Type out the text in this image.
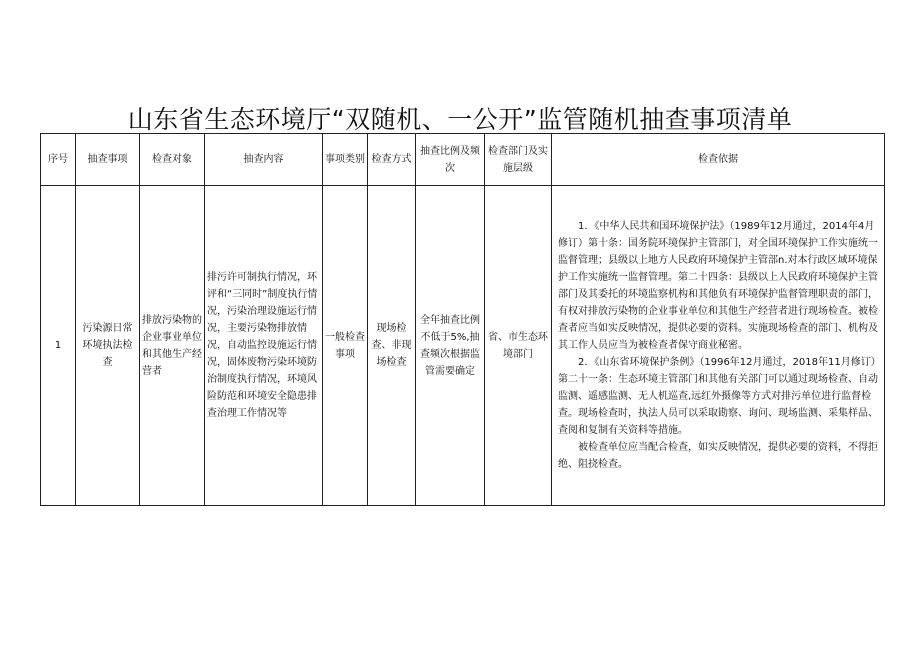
山东省生态环境厅“双随机、一公开”监管随机抽查事项清单
序号	抽查事项	检查对象	抽查内容	事项类别	检查方式	抽查比例及频次	检查部门及实施层级	检查依据
1	污染源日常环境执法检查	排放污染物的企业事业单位和其他生产经营者	排污许可制执行情况，环评和“三同时”制度执行情况，污染治理设施运行情况，主要污染物排放情况，自动监控设施运行情况，固体废物污染环境防治制度执行情况，环境风险防范和环境安全隐患排查治理工作情况等	一般检查事项	现场检查、非现场检查	全年抽查比例不低于5%,抽查频次根据监管需要确定	省、市生态环境部门	1．《中华人民共和国环境保护法》（1989年12月通过，2014年4月修订）第十条：国务院环境保护主管部门，对全国环境保护工作实施统一监督管理；县级以上地方人民政府环境保护主管部n.对本行政区域环境保护工作实施统一监督管理。第二十四条：县级以上人民政府环境保护主管部门及其委托的环境监察机构和其他负有环境保护监督管理职责的部门，有权对排放污染物的企业事业单位和其他生产经营者进行现场检查。被检查者应当如实反映情况，提供必要的资料。实施现场检查的部门、机构及其工作人员应当为被检查者保守商业秘密。
2．《山东省环境保护条例》（1996年12月通过，2018年11月修订）第二十一条：生态环境主管部门和其他有关部门可以通过现场检查、自动监测、遥感监测、无人机巡查,远红外摄像等方式对排污单位进行监督检查。现场检查时，执法人员可以采取勘察、询问、现场监测、采集样品、查阅和复制有关资料等措施。
被检查单位应当配合检查，如实反映情况，提供必要的资料，不得拒绝、阻挠检查。
